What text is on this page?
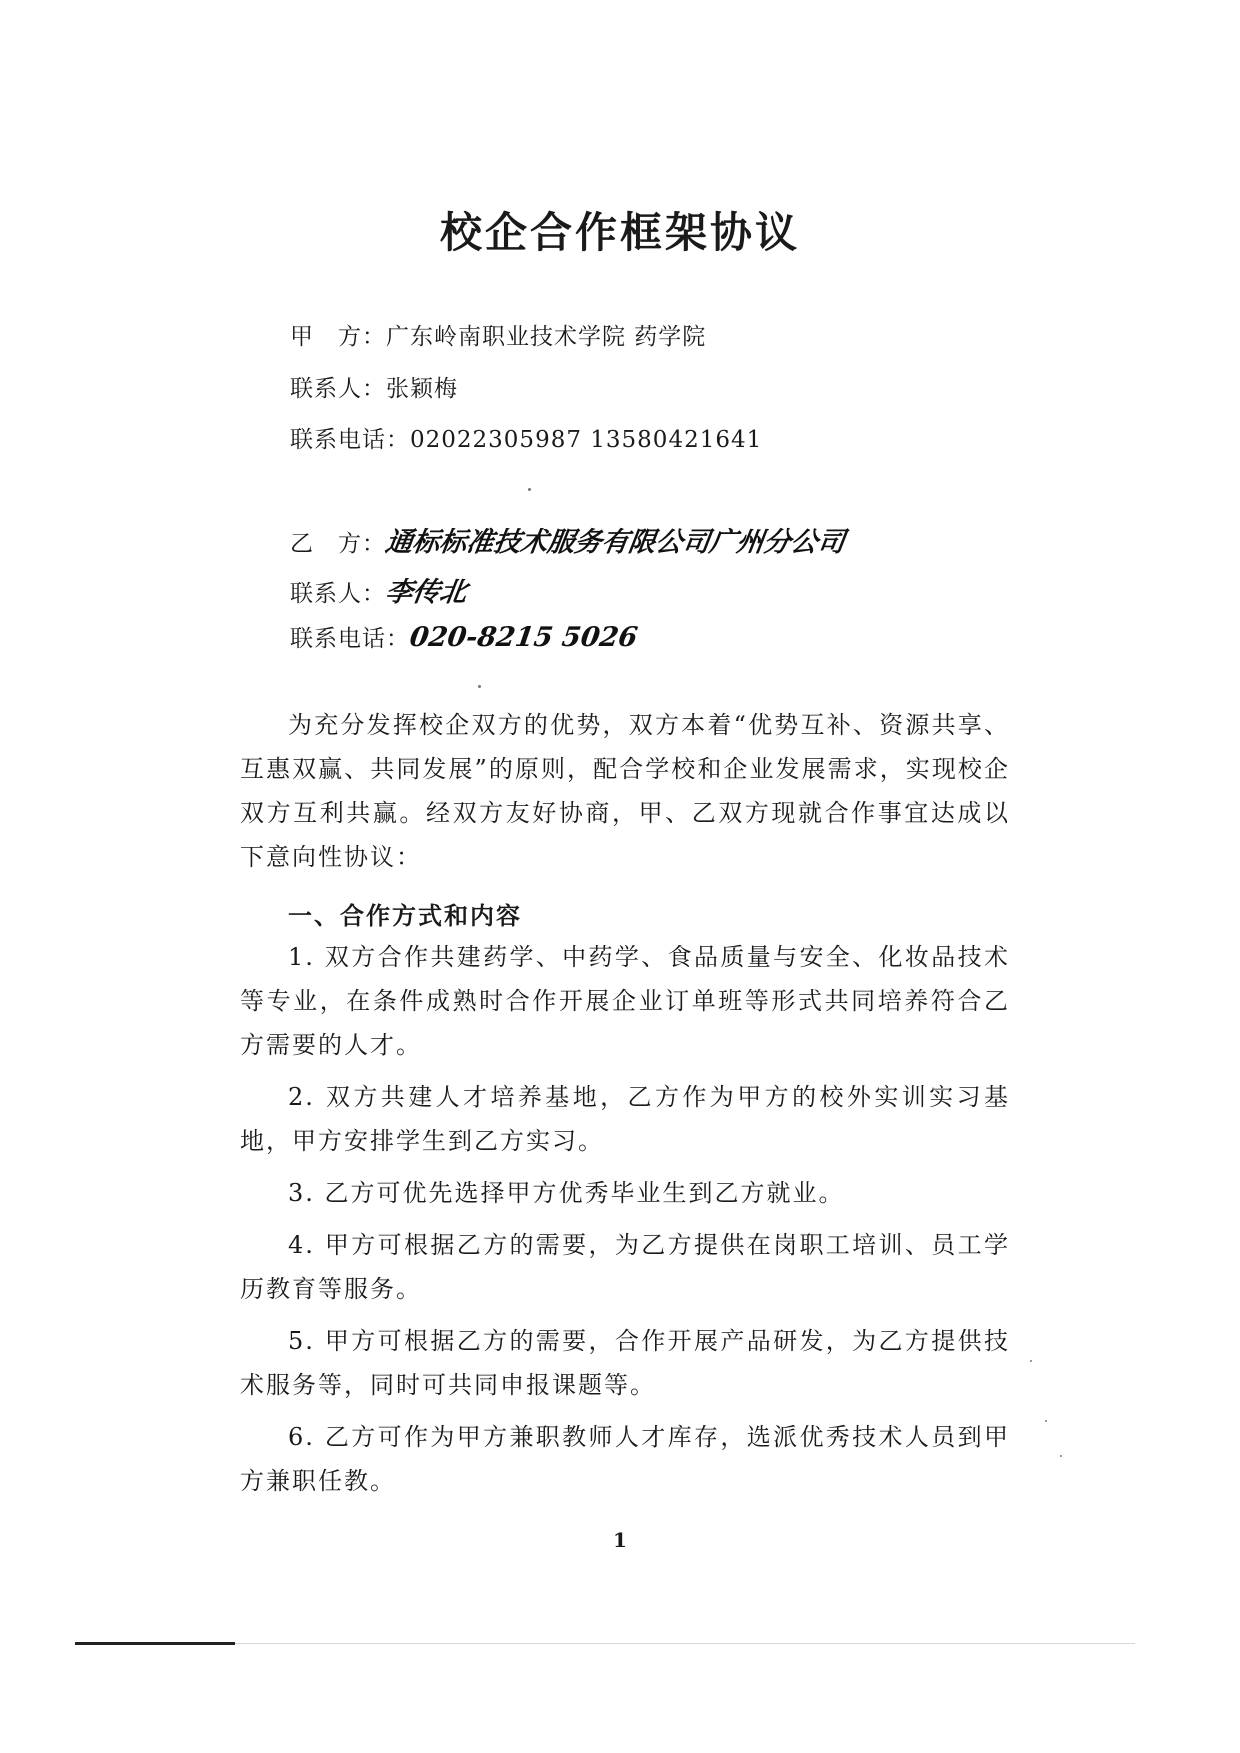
校企合作框架协议
甲　方：广东岭南职业技术学院 药学院
联系人：张颖梅
联系电话：02022305987 13580421641
乙　方：通标标准技术服务有限公司广州分公司
联系人：李传北
联系电话：020-8215 5026

为充分发挥校企双方的优势，双方本着“优势互补、资源共享、互惠双赢、共同发展”的原则，配合学校和企业发展需求，实现校企双方互利共赢。经双方友好协商，甲、乙双方现就合作事宜达成以下意向性协议：

一、合作方式和内容

1. 双方合作共建药学、中药学、食品质量与安全、化妆品技术等专业，在条件成熟时合作开展企业订单班等形式共同培养符合乙方需要的人才。

2. 双方共建人才培养基地，乙方作为甲方的校外实训实习基地，甲方安排学生到乙方实习。

3. 乙方可优先选择甲方优秀毕业生到乙方就业。

4. 甲方可根据乙方的需要，为乙方提供在岗职工培训、员工学历教育等服务。

5. 甲方可根据乙方的需要，合作开展产品研发，为乙方提供技术服务等，同时可共同申报课题等。

6. 乙方可作为甲方兼职教师人才库存，选派优秀技术人员到甲方兼职任教。

1
